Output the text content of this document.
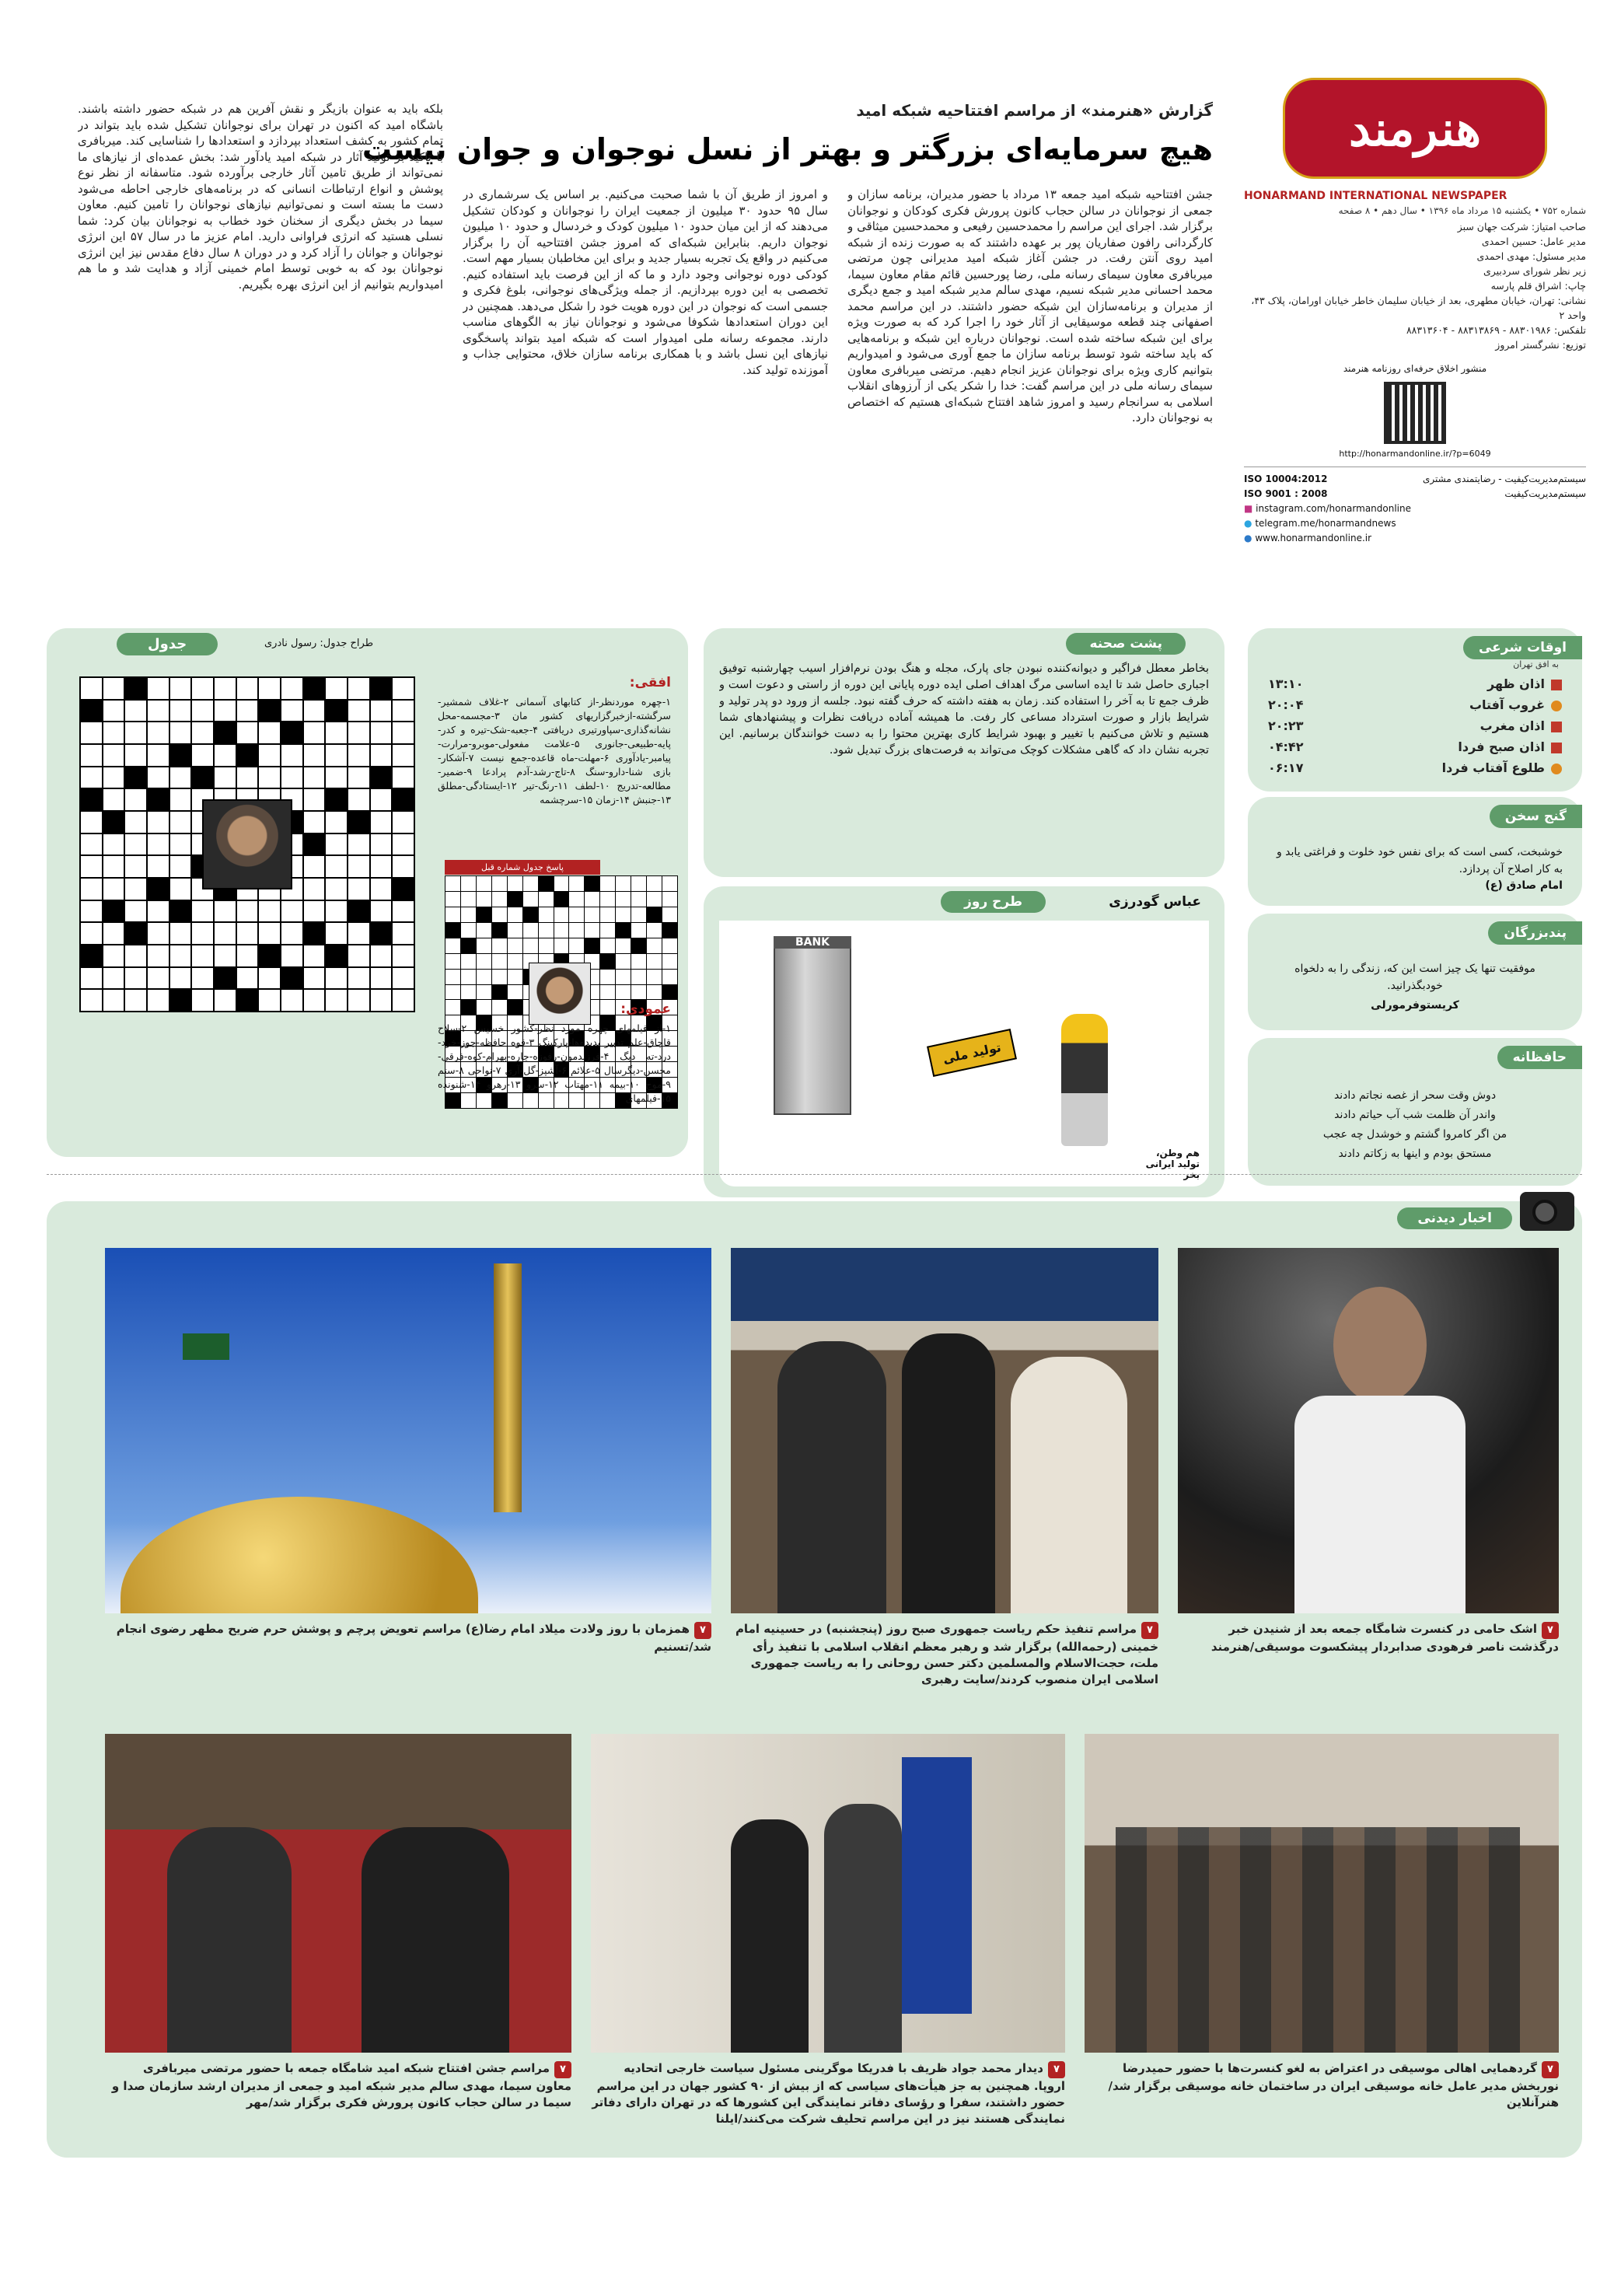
هنرمند
HONARMAND INTERNATIONAL NEWSPAPER
شماره ۷۵۲ • یکشنبه ۱۵ مرداد ماه ۱۳۹۶ • سال دهم • ۸ صفحه
صاحب امتیاز: شرکت جهان سبز
مدیر عامل: حسین احمدی
مدیر مسئول: مهدی احمدی
زیر نظر شورای سردبیری
چاپ: اشراق قلم پارسه
نشانی: تهران، خیابان مطهری، بعد از خیابان سلیمان خاطر خیابان اورامان، پلاک ۴۳، واحد ۲
تلفکس: ۸۸۳۰۱۹۸۶ - ۸۸۳۱۳۸۶۹ - ۸۸۳۱۳۶۰۴
توزیع: نشرگستر امروز
منشور اخلاق حرفه‌ای روزنامه هنرمند
http://honarmandonline.ir/?p=6049
سیستم‌مدیریت‌کیفیت - رضایتمندی مشتری
ISO 10004:2012
سیستم‌مدیریت‌کیفیت
ISO 9001 : 2008
■ instagram.com/honarmandonline
● telegram.me/honarmandnews
● www.honarmandonline.ir
گزارش «هنرمند» از مراسم افتتاحیه شبکه امید
هیچ سرمایه‌ای بزرگتر و بهتر از نسل نوجوان و جوان نیست
جشن افتتاحیه شبکه امید جمعه ۱۳ مرداد با حضور مدیران، برنامه سازان و جمعی از نوجوانان در سالن حجاب کانون پرورش فکری کودکان و نوجوانان برگزار شد. اجرای این مراسم را محمدحسین رفیعی و محمدحسین میثاقی و کارگردانی رافون صفاریان پور بر عهده داشتند که به صورت زنده از شبکه امید روی آنتن رفت. در جشن آغاز شبکه امید مدیرانی چون مرتضی میربافری معاون سیمای رسانه ملی، رضا پورحسین قائم مقام معاون سیما، محمد احسانی مدیر شبکه نسیم، مهدی سالم مدیر شبکه امید و جمع دیگری از مدیران و برنامه‌سازان این شبکه حضور داشتند. در این مراسم محمد اصفهانی چند قطعه موسیقایی از آثار خود را اجرا کرد که به صورت ویژه برای این شبکه ساخته شده است. نوجوانان درباره این شبکه و برنامه‌هایی که باید ساخته شود توسط برنامه سازان ما جمع آوری می‌شود و امیدواریم بتوانیم کاری ویژه برای نوجوانان عزیز انجام دهیم. مرتضی میربافری معاون سیمای رسانه ملی در این مراسم گفت: خدا را شکر یکی از آرزوهای انقلاب اسلامی به سرانجام رسید و امروز شاهد افتتاح شبکه‌ای هستیم که اختصاص به نوجوانان دارد.
و امروز از طریق آن با شما صحبت می‌کنیم. بر اساس یک سرشماری در سال ۹۵ حدود ۳۰ میلیون از جمعیت ایران را نوجوانان و کودکان تشکیل می‌دهند که از این میان حدود ۱۰ میلیون کودک و خردسال و حدود ۱۰ میلیون نوجوان داریم. بنابراین شبکه‌ای که امروز جشن افتتاحیه آن را برگزار می‌کنیم در واقع یک تجربه بسیار جدید و برای این مخاطبان بسیار مهم است. کودکی دوره نوجوانی وجود دارد و ما که از این فرصت باید استفاده کنیم. تخصصی به این دوره بپردازیم. از جمله ویژگی‌های نوجوانی، بلوغ فکری و جسمی است که نوجوان در این دوره هویت خود را شکل می‌دهد. همچنین در این دوران استعدادها شکوفا می‌شود و نوجوانان نیاز به الگوهای مناسب دارند. مجموعه رسانه ملی امیدوار است که شبکه امید بتواند پاسخگوی نیازهای این نسل باشد و با همکاری برنامه سازان خلاق، محتوایی جذاب و آموزنده تولید کند.
بلکه باید به عنوان بازیگر و نقش آفرین هم در شبکه حضور داشته باشند. باشگاه امید که اکنون در تهران برای نوجوانان تشکیل شده باید بتواند در تمام کشور به کشف استعداد بپردازد و استعدادها را شناسایی کند. میربافری با تاکید بر تولید آثار در شبکه امید یادآور شد: بخش عمده‌ای از نیازهای ما نمی‌تواند از طریق تامین آثار خارجی برآورده شود. متاسفانه از نظر نوع پوشش و انواع ارتباطات انسانی که در برنامه‌های خارجی احاطه می‌شود دست ما بسته است و نمی‌توانیم نیازهای نوجوانان را تامین کنیم. معاون سیما در بخش دیگری از سخنان خود خطاب به نوجوانان بیان کرد: شما نسلی هستید که انرژی فراوانی دارید. امام عزیز ما در سال ۵۷ این انرژی نوجوانان و جوانان را آزاد کرد و در دوران ۸ سال دفاع مقدس نیز این انرژی نوجوانان بود که به خوبی توسط امام خمینی آزاد و هدایت شد و ما هم امیدواریم بتوانیم از این انرژی بهره بگیریم.
اوقات شرعی
به افق تهران
اذان ظهر
۱۳:۱۰
غروب آفتاب
۲۰:۰۴
اذان مغرب
۲۰:۲۳
اذان صبح فردا
۰۴:۴۲
طلوع آفتاب فردا
۰۶:۱۷
گنج سخن
خوشبخت، کسی است که برای نفس خود خلوت و فراغتی یابد و به کار اصلاح آن پردازد.
امام صادق (ع)
پندبزرگان
موفقیت تنها یک چیز است این که، زندگی را به دلخواه خودبگذرانید.
کریستوفرمورلی
حافظانه
دوش وقت سحر از غصه نجاتم دادند
واندر آن ظلمت شب آب حیاتم دادند
من اگر کامروا گشتم و خوشدل چه عجب
مستحق بودم و اینها به زکاتم دادند
پشت صحنه
بخاطر معطل فراگیر و دیوانه‌کننده نبودن جای پارک، مجله و هنگ بودن نرم‌افزار اسیب چهارشنبه توفیق اجباری حاصل شد تا ایده اساسی مرگ اهداف اصلی ایده دوره پایانی این دوره از راستی و دعوت است و ظرف جمع تا به آخر را استفاده کند. زمان به هفته داشته که حرف گفته نبود. جلسه از ورود دو پدر تولید و شرایط بازار و صورت استرداد مساعی کار رفت. ما همیشه آماده دریافت نظرات و پیشنهادهای شما هستیم و تلاش می‌کنیم با تغییر و بهبود شرایط کاری بهترین محتوا را به دست خوانندگان برسانیم. این تجربه نشان داد که گاهی مشکلات کوچک می‌تواند به فرصت‌های بزرگ تبدیل شود.
طرح روز	عباس گودرزی
BANK
تولید ملی
هم وطن، تولید ایرانی بخر
جدول	طراح جدول: رسول نادری
افقی:
۱-چهره موردنظر-از کتابهای آسمانی ۲-غلاف شمشیر-سرگشته-ازخبرگزاریهای کشور مان ۳-مجسمه-محل نشانه‌گذاری-سپاورتیری دریافتی ۴-جعبه-شک-تیره و کدر-پایه-طبیعی-جانوری ۵-علامت مفعولی-موبرو-مرارت-پیامبر-یادآوری ۶-مهلت-ماه قاعده-جمع نیست ۷-آشکار-بازی شنا-دارو-سنگ ۸-تاج-رشد-آدم پرادعا ۹-ضمیر-مطالعه-تدریج ۱۰-لطف ۱۱-رنگ-تیر ۱۲-ایستادگی-مطلق ۱۳-جنبش ۱۴-زمان ۱۵-سرچشمه
پاسخ جدول شماره قبل
عمودی:
۱-از فیلمهای چهره مورد نظر-کشور خسیس ۲-سلاح قاچاق-علم تدبیر پدیده‌ها-پارکینگ ۳-قوه حافظه-جوز-خرد-درد-ته دیگ ۴-فرزندمون-رفوزه-چاره-بهرام-کوه-فرقی-محسن-دیگرسال ۵-علائم ۶-آشپز-گل-آری ۷-نواحی ۸-ستم ۹-موج ۱۰-بیمه ۱۱-مهتاب ۱۲-سرو ۱۳-رهرو ۱۴-شنونده ۱۵-فیلمهای
اخبار دیدنی
۷اشک حامی در کنسرت شامگاه جمعه بعد از شنیدن خبر درگذشت ناصر فرهودی صدابردار پیشکسوت موسیقی/هنرمند
۷مراسم تنفیذ حکم ریاست جمهوری صبح روز (پنجشنبه) در حسینیه امام خمینی (رحمه‌الله) برگزار شد و رهبر معظم انقلاب اسلامی با تنفیذ رأی ملت، حجت‌الاسلام والمسلمین دکتر حسن روحانی را به ریاست جمهوری اسلامی ایران منصوب کردند/سایت رهبری
۷همزمان با روز ولادت میلاد امام رضا(ع) مراسم تعویض پرچم و پوشش حرم ضریح مطهر رضوی انجام شد/تسنیم
۷گردهمایی اهالی موسیقی در اعتراض به لغو کنسرت‌ها با حضور حمیدرضا نوربخش مدیر عامل خانه موسیقی ایران در ساختمان خانه موسیقی برگزار شد/هنرآنلاین
۷دیدار محمد جواد ظریف با فدریکا موگرینی مسئول سیاست خارجی اتحادیه اروپا. همچنین به جز هیأت‌های سیاسی که از بیش از ۹۰ کشور جهان در این مراسم حضور داشتند، سفرا و رؤسای دفاتر نمایندگی این کشورها که در تهران دارای دفاتر نمایندگی هستند نیز در این مراسم تحلیف شرکت می‌کنند/ایلنا
۷مراسم جشن افتتاح شبکه امید شامگاه جمعه با حضور مرتضی میربافری معاون سیما، مهدی سالم مدیر شبکه امید و جمعی از مدیران ارشد سازمان صدا و سیما در سالن حجاب کانون پرورش فکری برگزار شد/مهر
